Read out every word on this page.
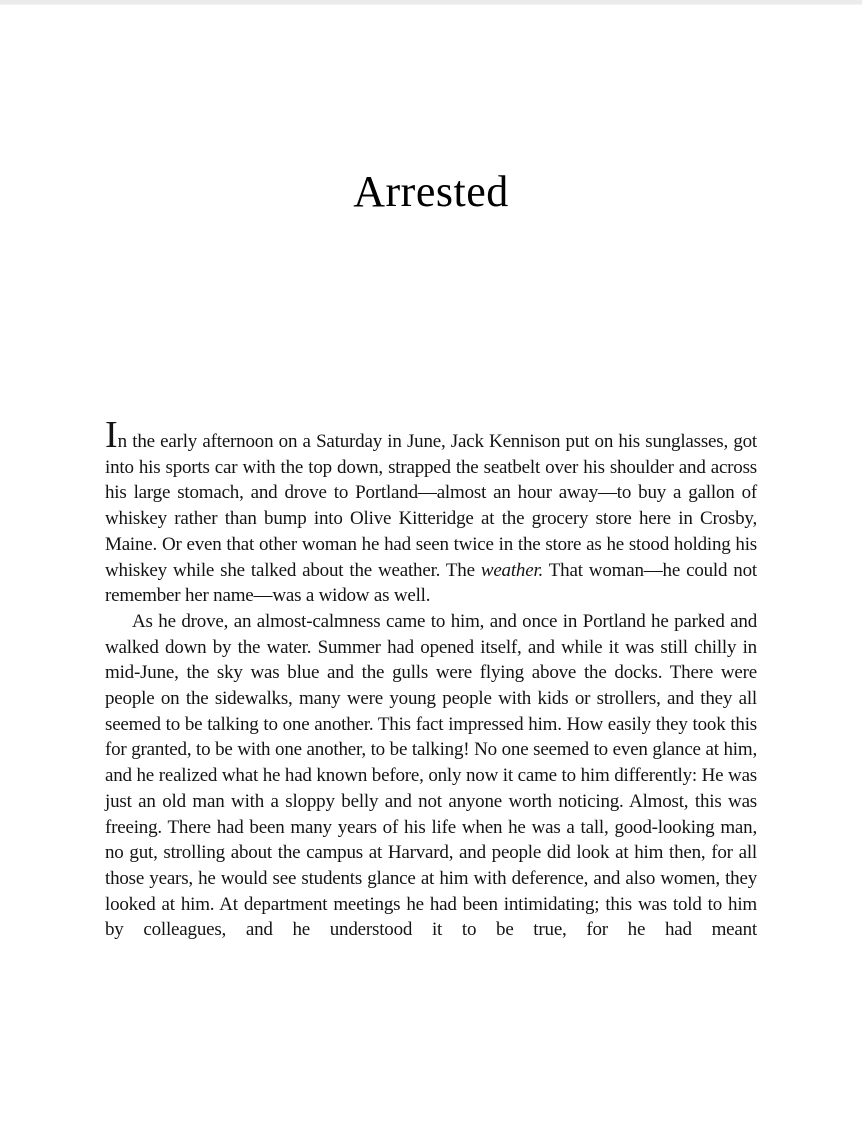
Arrested

In the early afternoon on a Saturday in June, Jack Kennison put on his sunglasses, got into his sports car with the top down, strapped the seatbelt over his shoulder and across his large stomach, and drove to Portland—almost an hour away—to buy a gallon of whiskey rather than bump into Olive Kitteridge at the grocery store here in Crosby, Maine. Or even that other woman he had seen twice in the store as he stood holding his whiskey while she talked about the weather. The weather. That woman—he could not remember her name—was a widow as well.

As he drove, an almost-calmness came to him, and once in Portland he parked and walked down by the water. Summer had opened itself, and while it was still chilly in mid-June, the sky was blue and the gulls were flying above the docks. There were people on the sidewalks, many were young people with kids or strollers, and they all seemed to be talking to one another. This fact impressed him. How easily they took this for granted, to be with one another, to be talking! No one seemed to even glance at him, and he realized what he had known before, only now it came to him differently: He was just an old man with a sloppy belly and not anyone worth noticing. Almost, this was freeing. There had been many years of his life when he was a tall, good-looking man, no gut, strolling about the campus at Harvard, and people did look at him then, for all those years, he would see students glance at him with deference, and also women, they looked at him. At department meetings he had been intimidating; this was told to him by colleagues, and he understood it to be true, for he had meant
